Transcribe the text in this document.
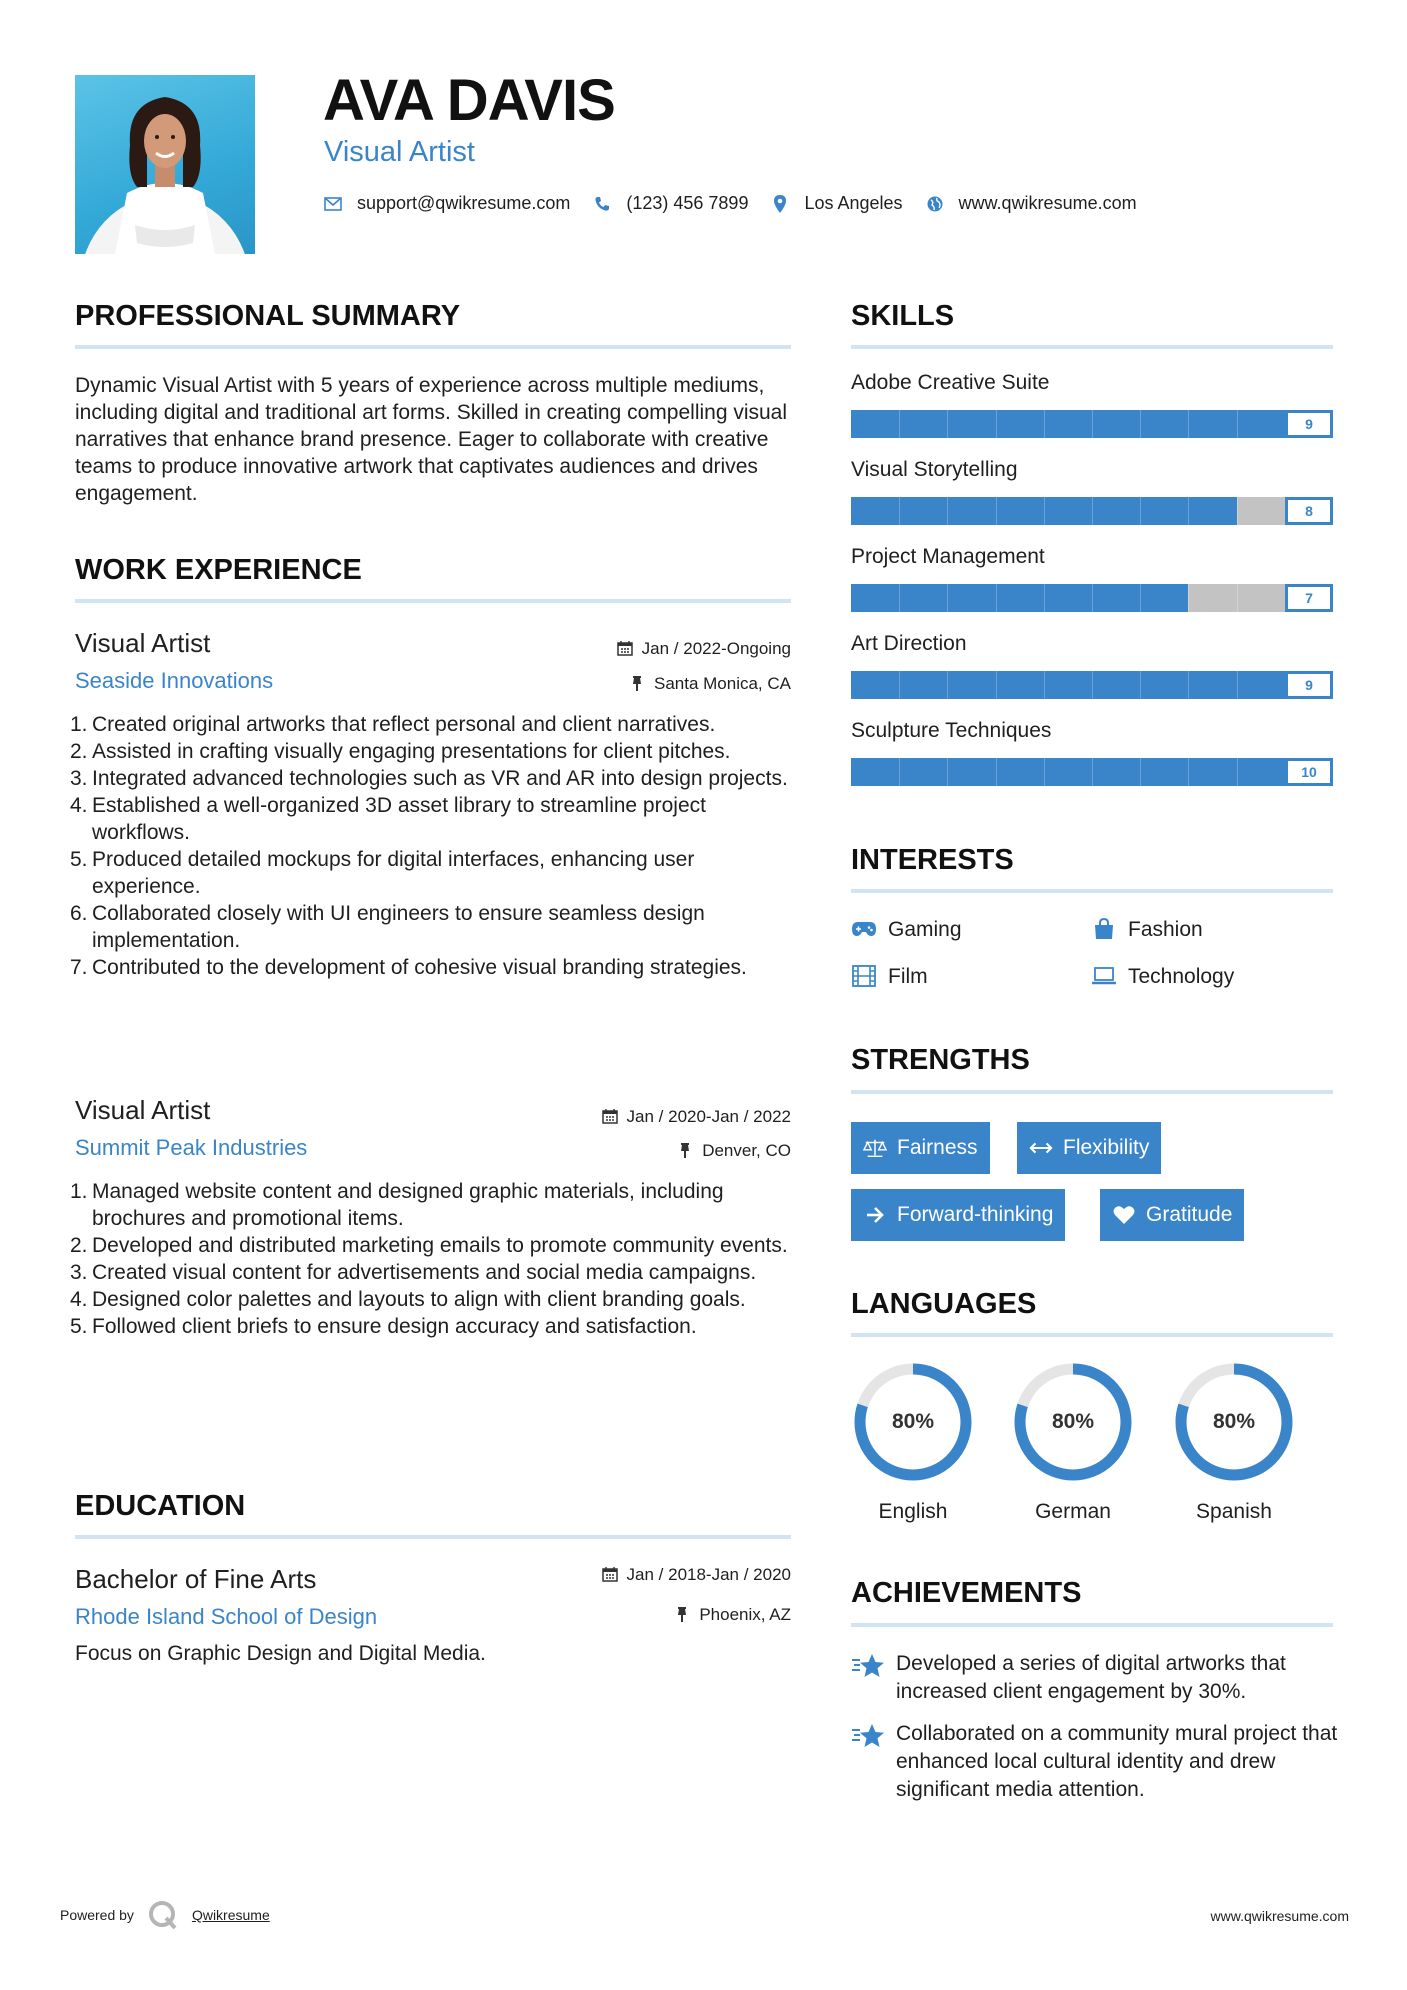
AVA DAVIS
Visual Artist
support@qwikresume.com	(123) 456 7899	Los Angeles	www.qwikresume.com
PROFESSIONAL SUMMARY
Dynamic Visual Artist with 5 years of experience across multiple mediums, including digital and traditional art forms. Skilled in creating compelling visual narratives that enhance brand presence. Eager to collaborate with creative teams to produce innovative artwork that captivates audiences and drives engagement.
WORK EXPERIENCE
Visual Artist
Seaside Innovations
Jan / 2022-Ongoing
Santa Monica, CA
1. Created original artworks that reflect personal and client narratives.
2. Assisted in crafting visually engaging presentations for client pitches.
3. Integrated advanced technologies such as VR and AR into design projects.
4. Established a well-organized 3D asset library to streamline project workflows.
5. Produced detailed mockups for digital interfaces, enhancing user experience.
6. Collaborated closely with UI engineers to ensure seamless design implementation.
7. Contributed to the development of cohesive visual branding strategies.
Visual Artist
Summit Peak Industries
Jan / 2020-Jan / 2022
Denver, CO
1. Managed website content and designed graphic materials, including brochures and promotional items.
2. Developed and distributed marketing emails to promote community events.
3. Created visual content for advertisements and social media campaigns.
4. Designed color palettes and layouts to align with client branding goals.
5. Followed client briefs to ensure design accuracy and satisfaction.
EDUCATION
Bachelor of Fine Arts
Rhode Island School of Design
Jan / 2018-Jan / 2020
Phoenix, AZ
Focus on Graphic Design and Digital Media.
SKILLS
Adobe Creative Suite
9
Visual Storytelling
8
Project Management
7
Art Direction
9
Sculpture Techniques
10
INTERESTS
Gaming	Fashion
Film	Technology
STRENGTHS
Fairness	Flexibility
Forward-thinking	Gratitude
LANGUAGES
80%
English
80%
German
80%
Spanish
ACHIEVEMENTS
Developed a series of digital artworks that increased client engagement by 30%.
Collaborated on a community mural project that enhanced local cultural identity and drew significant media attention.
Powered by	Qwikresume	www.qwikresume.com
